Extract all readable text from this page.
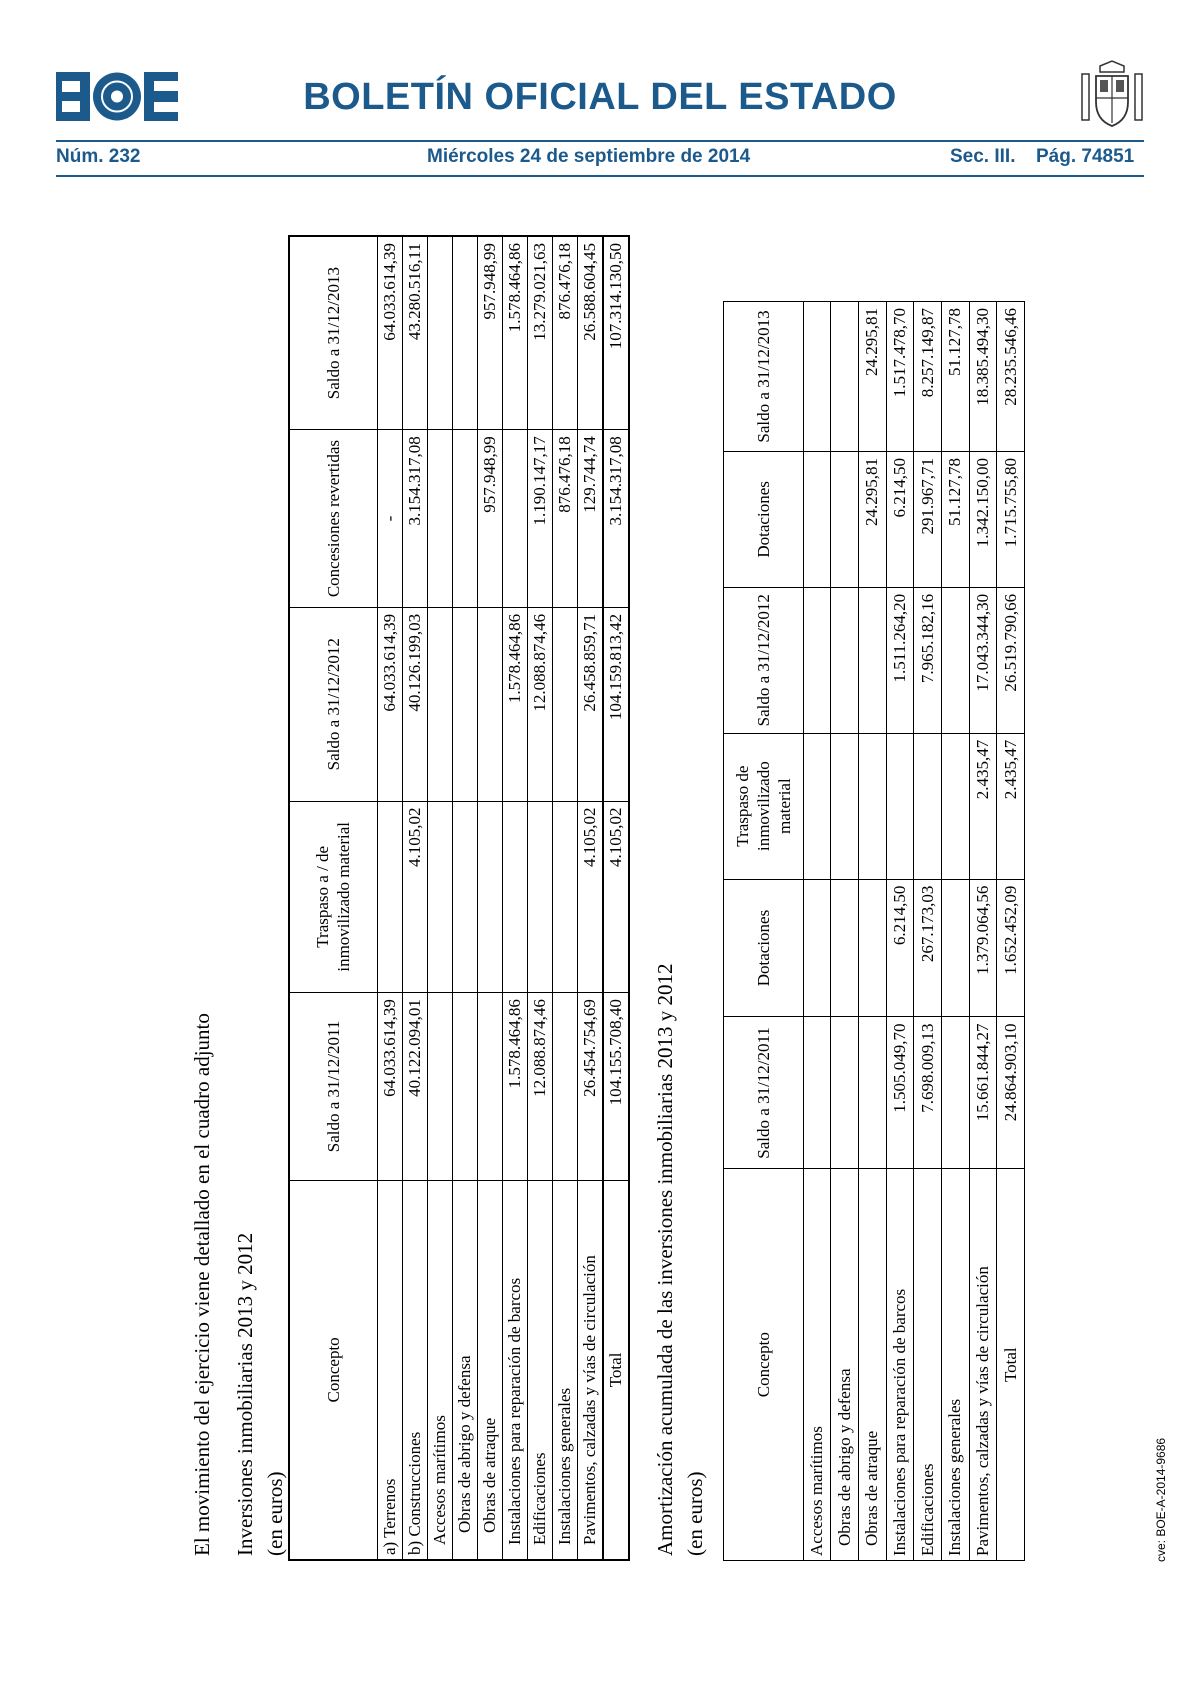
BOLETÍN OFICIAL DEL ESTADO
Núm. 232	Miércoles 24 de septiembre de 2014	Sec. III. Pág. 74851
El movimiento del ejercicio viene detallado en el cuadro adjunto Inversiones inmobiliarias 2013 y 2012 (en euros)
Concepto	Saldo a 31/12/2011	Traspaso a / de inmovilizado material	Saldo a 31/12/2012	Concesiones revertidas	Saldo a 31/12/2013
a) Terrenos	64.033.614,39		64.033.614,39	-	64.033.614,39
b) Construcciones	40.122.094,01	4.105,02	40.126.199,03	3.154.317,08	43.280.516,11
Accesos marítimos					
Obras de abrigo y defensa					
Obras de atraque				957.948,99	957.948,99
Instalaciones para reparación de barcos	1.578.464,86		1.578.464,86		1.578.464,86
Edificaciones	12.088.874,46		12.088.874,46	1.190.147,17	13.279.021,63
Instalaciones generales				876.476,18	876.476,18
Pavimentos, calzadas y vías de circulación	26.454.754,69	4.105,02	26.458.859,71	129.744,74	26.588.604,45
Total	104.155.708,40	4.105,02	104.159.813,42	3.154.317,08	107.314.130,50
Amortización acumulada de las inversiones inmobiliarias 2013 y 2012 (en euros)
Concepto	Saldo a 31/12/2011	Dotaciones	Traspaso de inmovilizado material	Saldo a 31/12/2012	Dotaciones	Saldo a 31/12/2013
Accesos marítimos						
Obras de abrigo y defensa						
Obras de atraque					24.295,81	24.295,81
Instalaciones para reparación de barcos	1.505.049,70	6.214,50		1.511.264,20	6.214,50	1.517.478,70
Edificaciones	7.698.009,13	267.173,03		7.965.182,16	291.967,71	8.257.149,87
Instalaciones generales					51.127,78	51.127,78
Pavimentos, calzadas y vías de circulación	15.661.844,27	1.379.064,56	2.435,47	17.043.344,30	1.342.150,00	18.385.494,30
Total	24.864.903,10	1.652.452,09	2.435,47	26.519.790,66	1.715.755,80	28.235.546,46
cve: BOE-A-2014-9686
